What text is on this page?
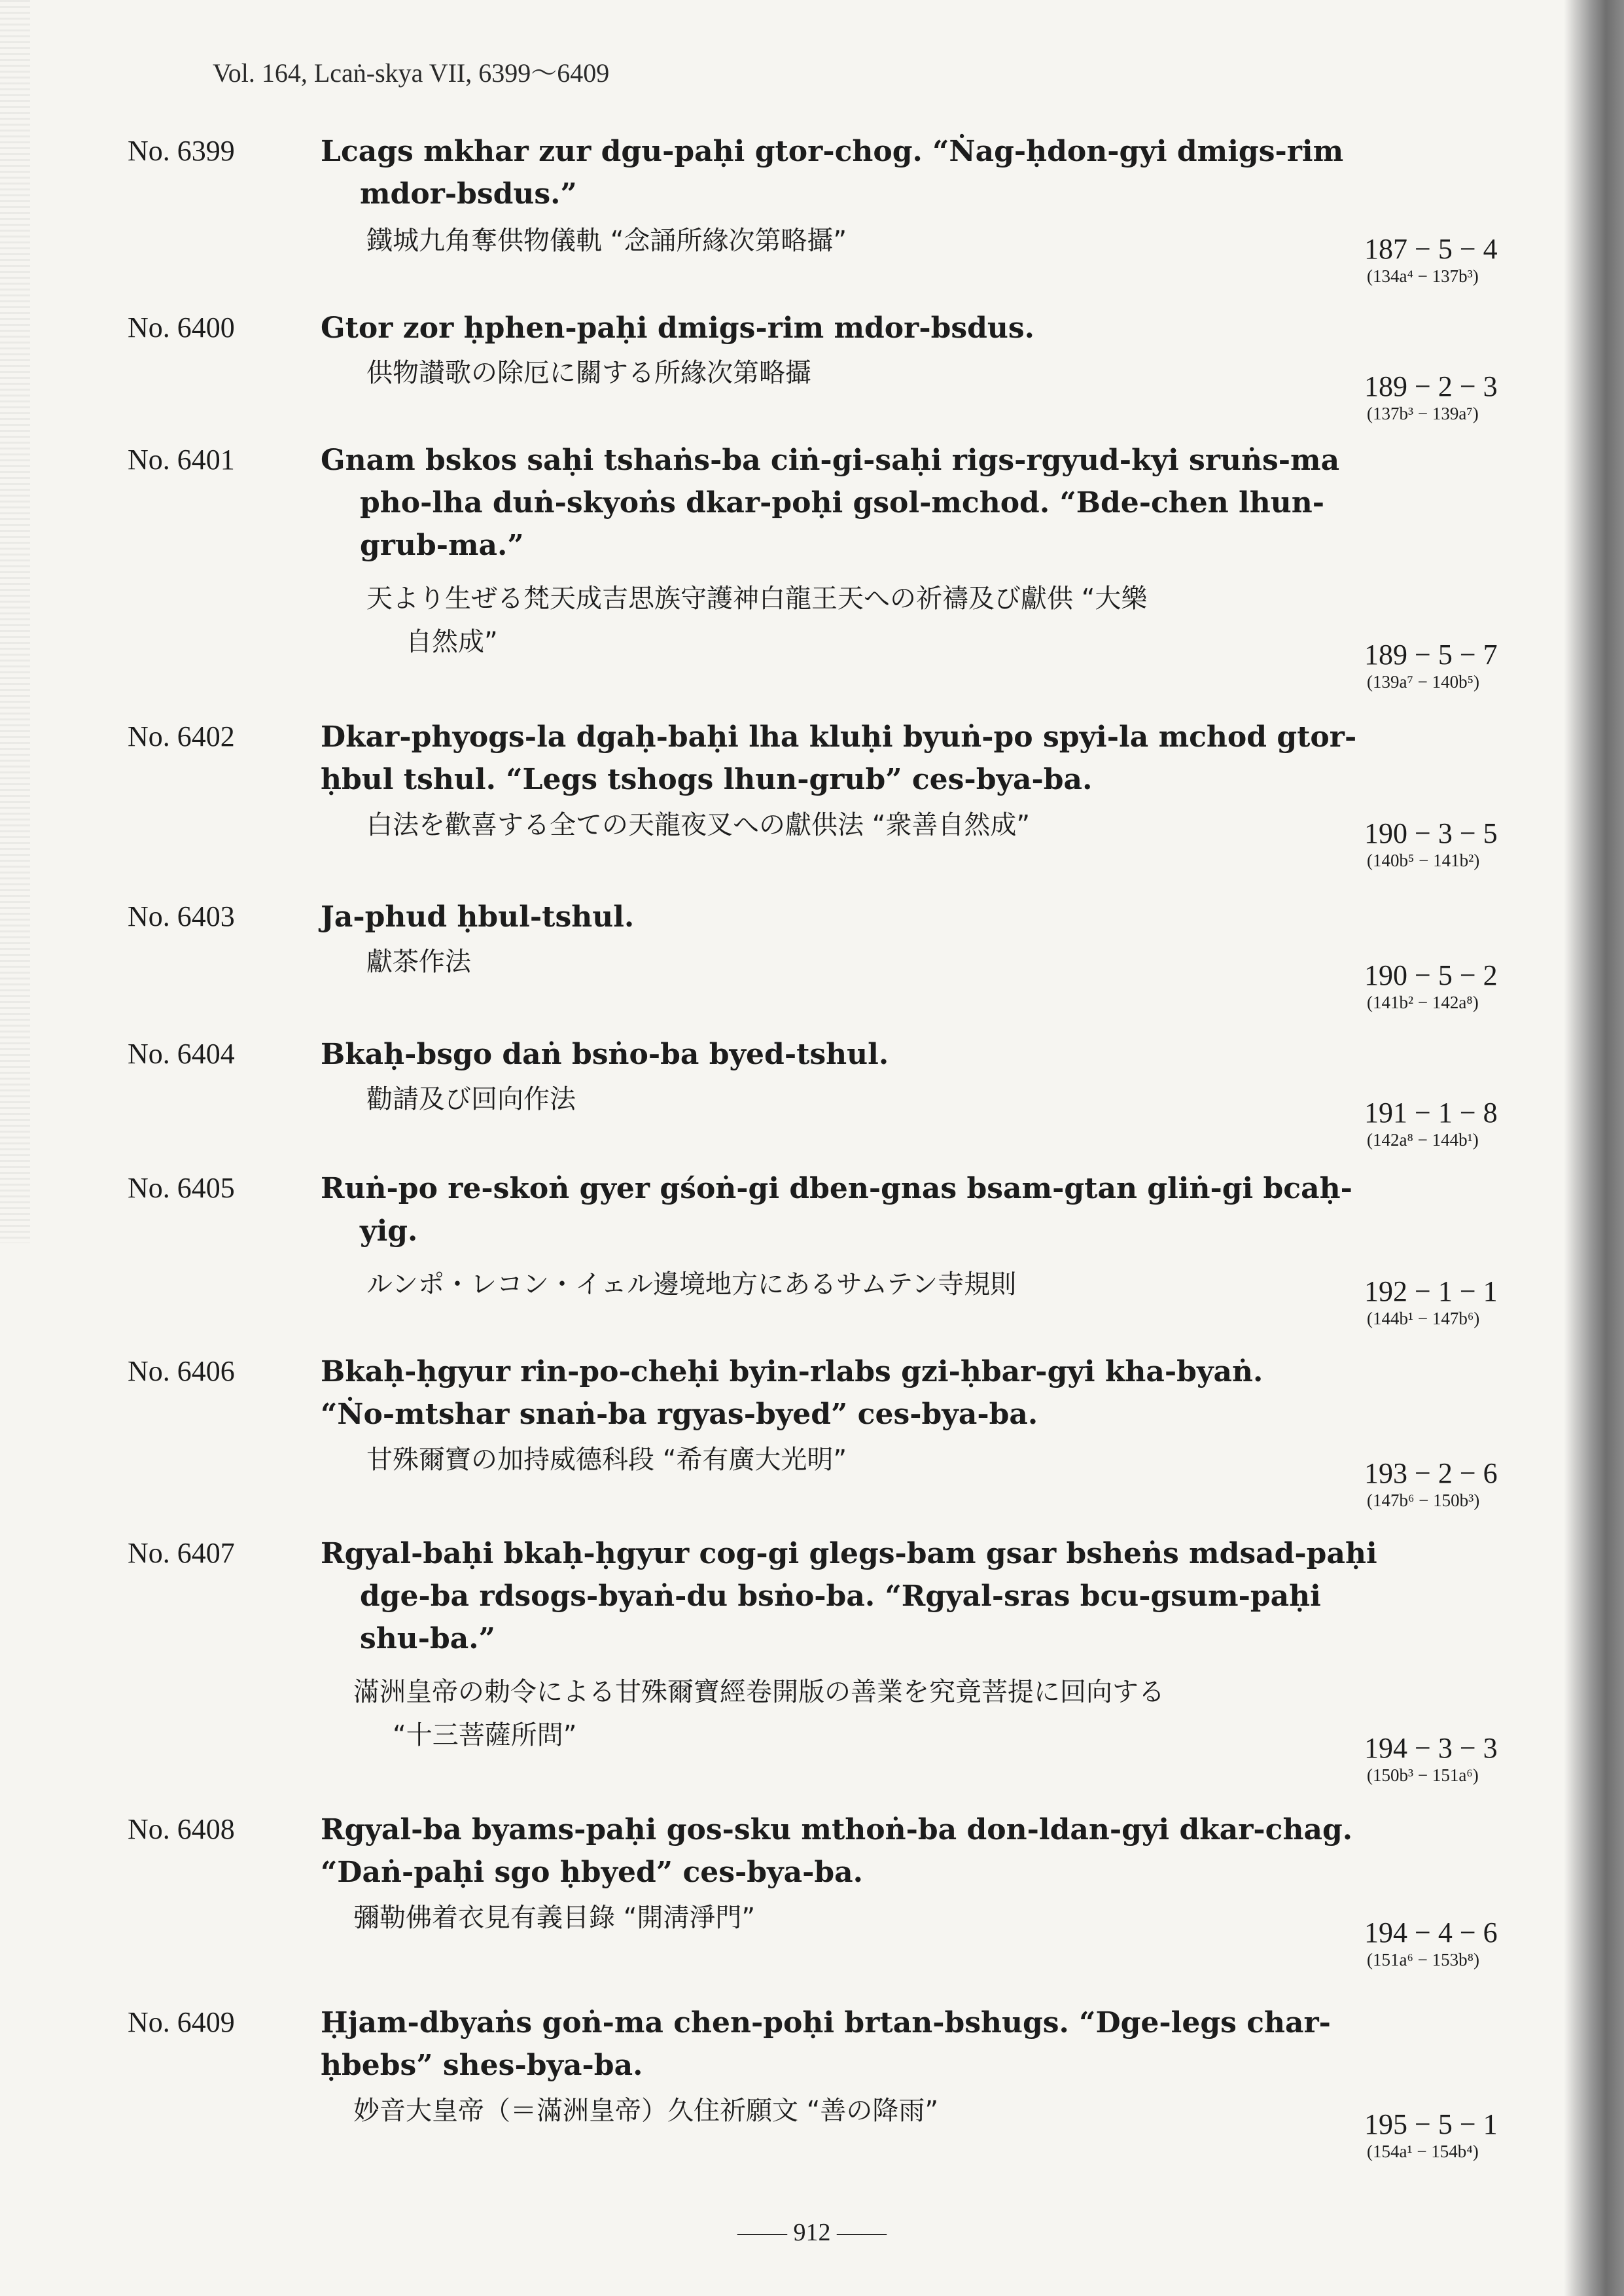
Vol. 164, Lcaṅ-skya VII, 6399〜6409
No. 6399	Lcags mkhar zur dgu-paḥi gtor-chog. “Ṅag-ḥdon-gyi dmigs-rim
mdor-bsdus.”
鐵城九角奪供物儀軌 “念誦所緣次第略攝”	187 − 5 − 4
(134a⁴ − 137b³)
No. 6400	Gtor zor ḥphen-paḥi dmigs-rim mdor-bsdus.
供物讃歌の除厄に關する所緣次第略攝	189 − 2 − 3
(137b³ − 139a⁷)
No. 6401	Gnam bskos saḥi tshaṅs-ba ciṅ-gi-saḥi rigs-rgyud-kyi sruṅs-ma
pho-lha duṅ-skyoṅs dkar-poḥi gsol-mchod. “Bde-chen lhun-
grub-ma.”
天より生ぜる梵天成吉思族守護神白龍王天への祈禱及び獻供 “大樂
自然成”	189 − 5 − 7
(139a⁷ − 140b⁵)
No. 6402	Dkar-phyogs-la dgaḥ-baḥi lha kluḥi byuṅ-po spyi-la mchod gtor-
ḥbul tshul. “Legs tshogs lhun-grub” ces-bya-ba.
白法を歡喜する全ての天龍夜叉への獻供法 “衆善自然成”	190 − 3 − 5
(140b⁵ − 141b²)
No. 6403	Ja-phud ḥbul-tshul.
獻茶作法	190 − 5 − 2
(141b² − 142a⁸)
No. 6404	Bkaḥ-bsgo daṅ bsṅo-ba byed-tshul.
勸請及び回向作法	191 − 1 − 8
(142a⁸ − 144b¹)
No. 6405	Ruṅ-po re-skoṅ gyer gśoṅ-gi dben-gnas bsam-gtan gliṅ-gi bcaḥ-
yig.
ルンポ・レコン・イェル邊境地方にあるサムテン寺規則	192 − 1 − 1
(144b¹ − 147b⁶)
No. 6406	Bkaḥ-ḥgyur rin-po-cheḥi byin-rlabs gzi-ḥbar-gyi kha-byaṅ.
“Ṅo-mtshar snaṅ-ba rgyas-byed” ces-bya-ba.
甘殊爾寶の加持威德科段 “希有廣大光明”	193 − 2 − 6
(147b⁶ − 150b³)
No. 6407	Rgyal-baḥi bkaḥ-ḥgyur cog-gi glegs-bam gsar bsheṅs mdsad-paḥi
dge-ba rdsogs-byaṅ-du bsṅo-ba. “Rgyal-sras bcu-gsum-paḥi
shu-ba.”
滿洲皇帝の勅令による甘殊爾寶經卷開版の善業を究竟菩提に回向する
“十三菩薩所問”	194 − 3 − 3
(150b³ − 151a⁶)
No. 6408	Rgyal-ba byams-paḥi gos-sku mthoṅ-ba don-ldan-gyi dkar-chag.
“Daṅ-paḥi sgo ḥbyed” ces-bya-ba.
彌勒佛着衣見有義目錄 “開淸淨門”	194 − 4 − 6
(151a⁶ − 153b⁸)
No. 6409	Ḥjam-dbyaṅs goṅ-ma chen-poḥi brtan-bshugs. “Dge-legs char-
ḥbebs” shes-bya-ba.
妙音大皇帝（＝滿洲皇帝）久住祈願文 “善の降雨”	195 − 5 − 1
(154a¹ − 154b⁴)
—— 912 ——
